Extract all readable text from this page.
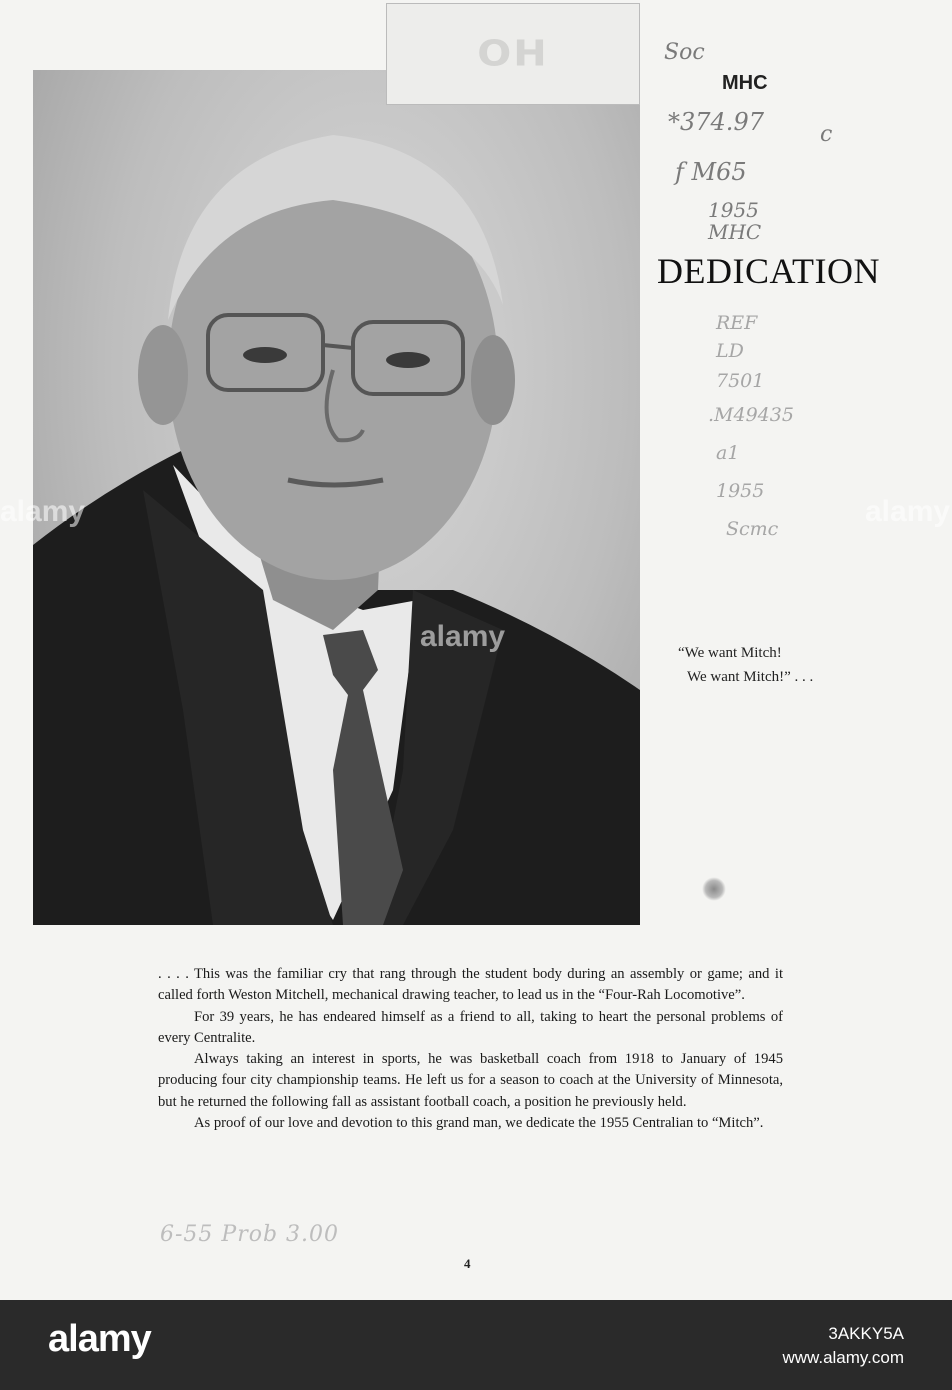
OH	Soc
MHC
*374.97	c
f M65
1955
MHC
DEDICATION
REF
LD
7501
.M49435
a1
1955
Scmc
“We want Mitch!
We want Mitch!” . . .

. . . . This was the familiar cry that rang through the student body during an assembly or game; and it called forth Weston Mitchell, mechanical drawing teacher, to lead us in the “Four-Rah Locomotive”.

For 39 years, he has endeared himself as a friend to all, taking to heart the personal problems of every Centralite.

Always taking an interest in sports, he was basketball coach from 1918 to January of 1945 producing four city championship teams. He left us for a season to coach at the University of Minnesota, but he returned the following fall as assistant football coach, a position he previously held.

As proof of our love and devotion to this grand man, we dedicate the 1955 Centralian to “Mitch”.

6-55 Prob 3.00
4
alamy
alamy	alamy
alamy	3AKKY5A
www.alamy.com
